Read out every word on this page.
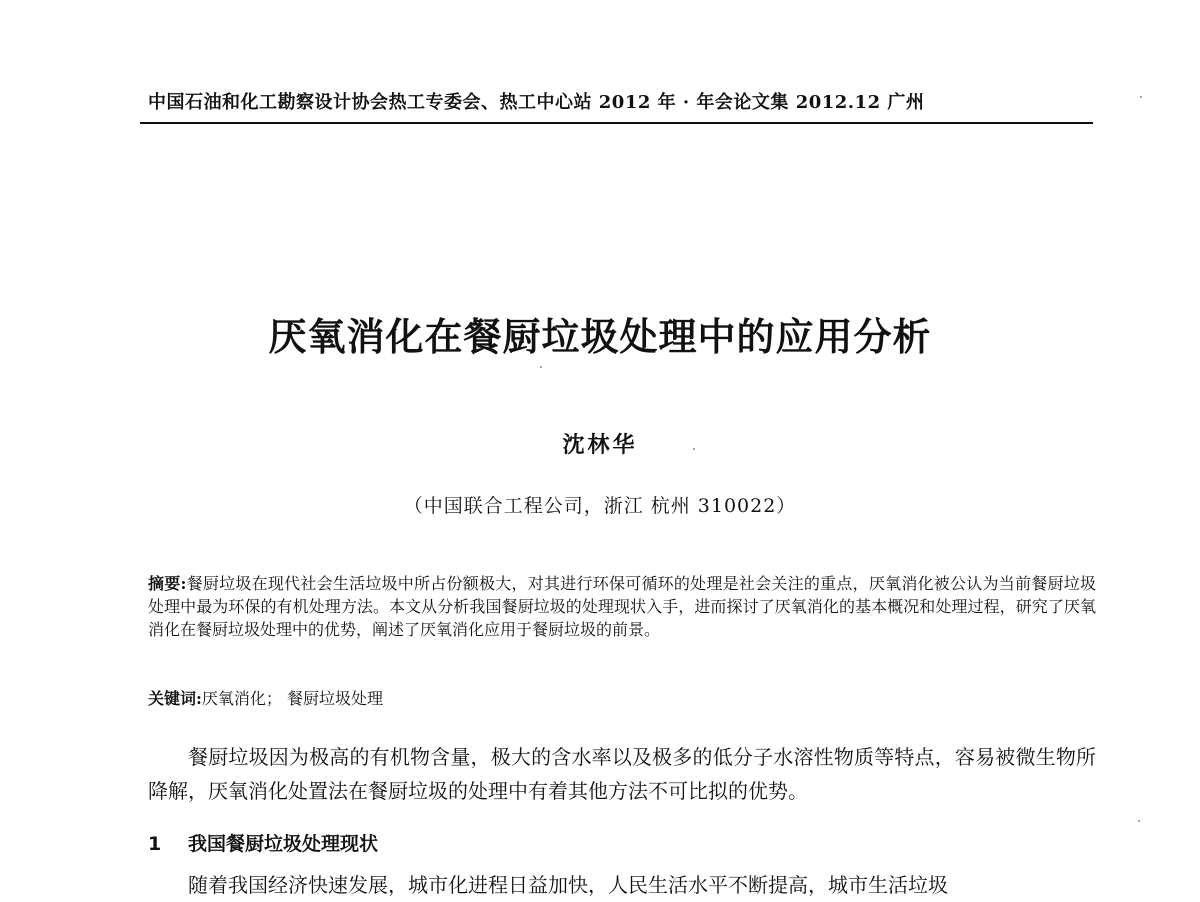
中国石油和化工勘察设计协会热工专委会、热工中心站 2012 年 · 年会论文集 2012.12 广州
厌氧消化在餐厨垃圾处理中的应用分析
沈林华
（中国联合工程公司，浙江 杭州 310022）
摘要:餐厨垃圾在现代社会生活垃圾中所占份额极大，对其进行环保可循环的处理是社会关注的重点，厌氧消化被公认为当前餐厨垃圾处理中最为环保的有机处理方法。本文从分析我国餐厨垃圾的处理现状入手，进而探讨了厌氧消化的基本概况和处理过程，研究了厌氧消化在餐厨垃圾处理中的优势，阐述了厌氧消化应用于餐厨垃圾的前景。
关键词:厌氧消化； 餐厨垃圾处理

餐厨垃圾因为极高的有机物含量，极大的含水率以及极多的低分子水溶性物质等特点，容易被微生物所降解，厌氧消化处置法在餐厨垃圾的处理中有着其他方法不可比拟的优势。

1 我国餐厨垃圾处理现状

随着我国经济快速发展，城市化进程日益加快，人民生活水平不断提高，城市生活垃圾
